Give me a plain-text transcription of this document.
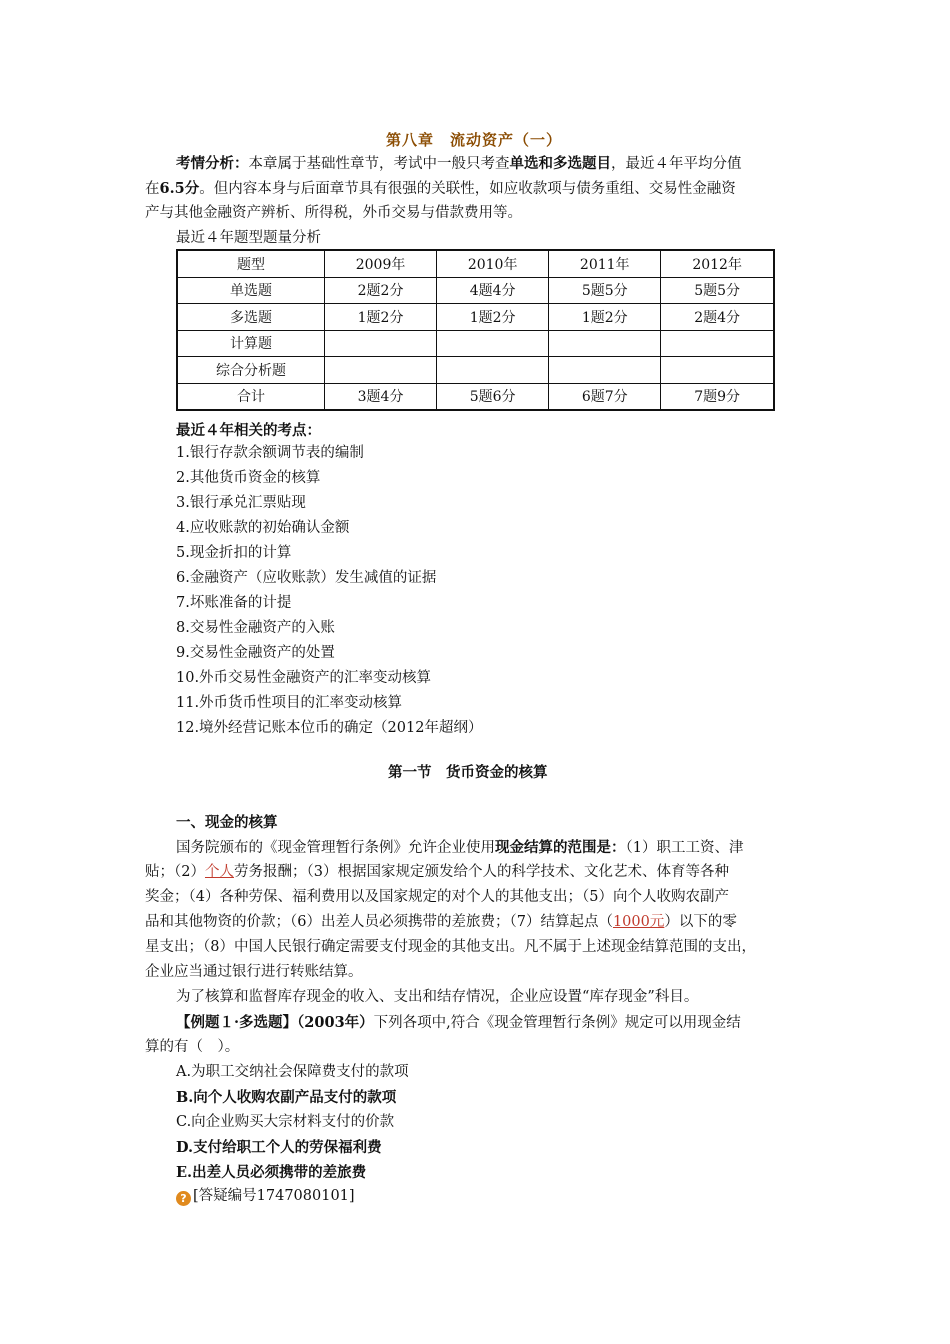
第八章　流动资产（一）
考情分析：本章属于基础性章节，考试中一般只考查单选和多选题目，最近４年平均分值
在6.5分。但内容本身与后面章节具有很强的关联性，如应收款项与债务重组、交易性金融资
产与其他金融资产辨析、所得税，外币交易与借款费用等。
最近４年题型题量分析
题型	2009年	2010年	2011年	2012年
单选题	2题2分	4题4分	5题5分	5题5分
多选题	1题2分	1题2分	1题2分	2题4分
计算题				
综合分析题				
合计	3题4分	5题6分	6题7分	7题9分
最近４年相关的考点：
1.银行存款余额调节表的编制
2.其他货币资金的核算
3.银行承兑汇票贴现
4.应收账款的初始确认金额
5.现金折扣的计算
6.金融资产（应收账款）发生减值的证据
7.坏账准备的计提
8.交易性金融资产的入账
9.交易性金融资产的处置
10.外币交易性金融资产的汇率变动核算
11.外币货币性项目的汇率变动核算
12.境外经营记账本位币的确定（2012年超纲）
第一节　货币资金的核算
一、现金的核算
国务院颁布的《现金管理暂行条例》允许企业使用现金结算的范围是：（1）职工工资、津
贴；（2）个人劳务报酬；（3）根据国家规定颁发给个人的科学技术、文化艺术、体育等各种
奖金；（4）各种劳保、福利费用以及国家规定的对个人的其他支出；（5）向个人收购农副产
品和其他物资的价款；（6）出差人员必须携带的差旅费；（7）结算起点（1000元）以下的零
星支出；（8）中国人民银行确定需要支付现金的其他支出。凡不属于上述现金结算范围的支出，
企业应当通过银行进行转账结算。
为了核算和监督库存现金的收入、支出和结存情况，企业应设置“库存现金”科目。
【例题１·多选题】（2003年）下列各项中,符合《现金管理暂行条例》规定可以用现金结
算的有（　）。
A.为职工交纳社会保障费支付的款项
B.向个人收购农副产品支付的款项
C.向企业购买大宗材料支付的价款
D.支付给职工个人的劳保福利费
E.出差人员必须携带的差旅费
? [答疑编号1747080101]
